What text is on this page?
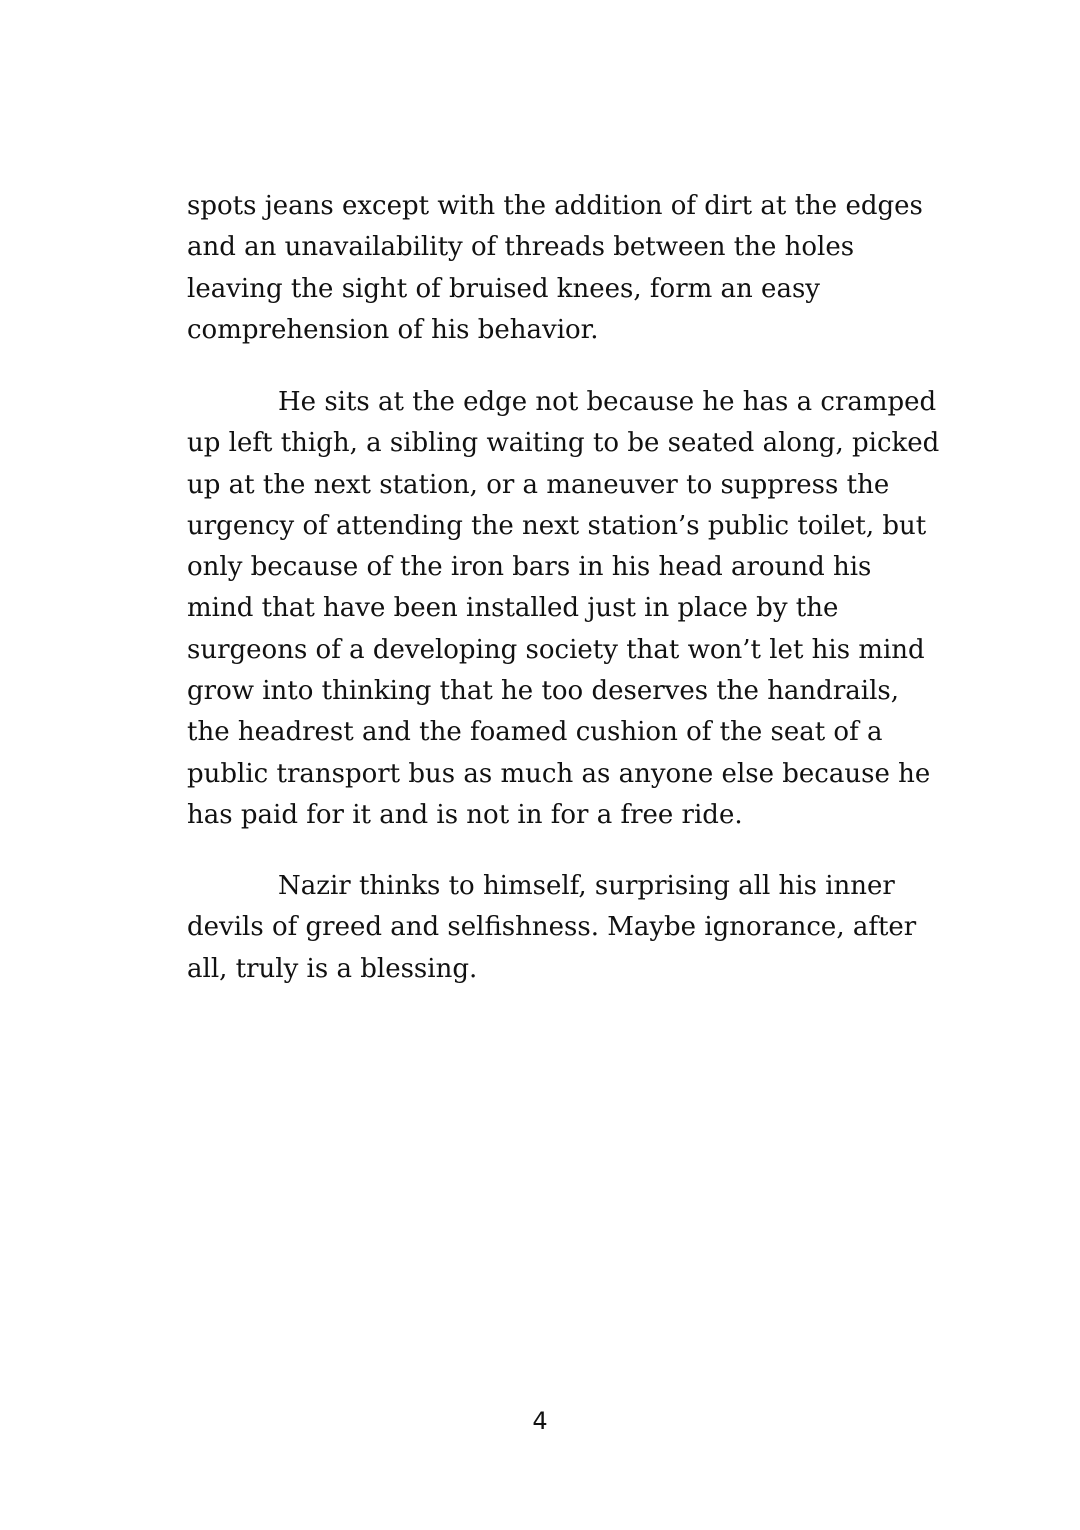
spots jeans except with the addition of dirt at the edges
and an unavailability of threads between the holes
leaving the sight of bruised knees, form an easy
comprehension of his behavior.
He sits at the edge not because he has a cramped
up left thigh, a sibling waiting to be seated along, picked
up at the next station, or a maneuver to suppress the
urgency of attending the next station’s public toilet, but
only because of the iron bars in his head around his
mind that have been installed just in place by the
surgeons of a developing society that won’t let his mind
grow into thinking that he too deserves the handrails,
the headrest and the foamed cushion of the seat of a
public transport bus as much as anyone else because he
has paid for it and is not in for a free ride.
Nazir thinks to himself, surprising all his inner
devils of greed and selfishness. Maybe ignorance, after
all, truly is a blessing.
4
